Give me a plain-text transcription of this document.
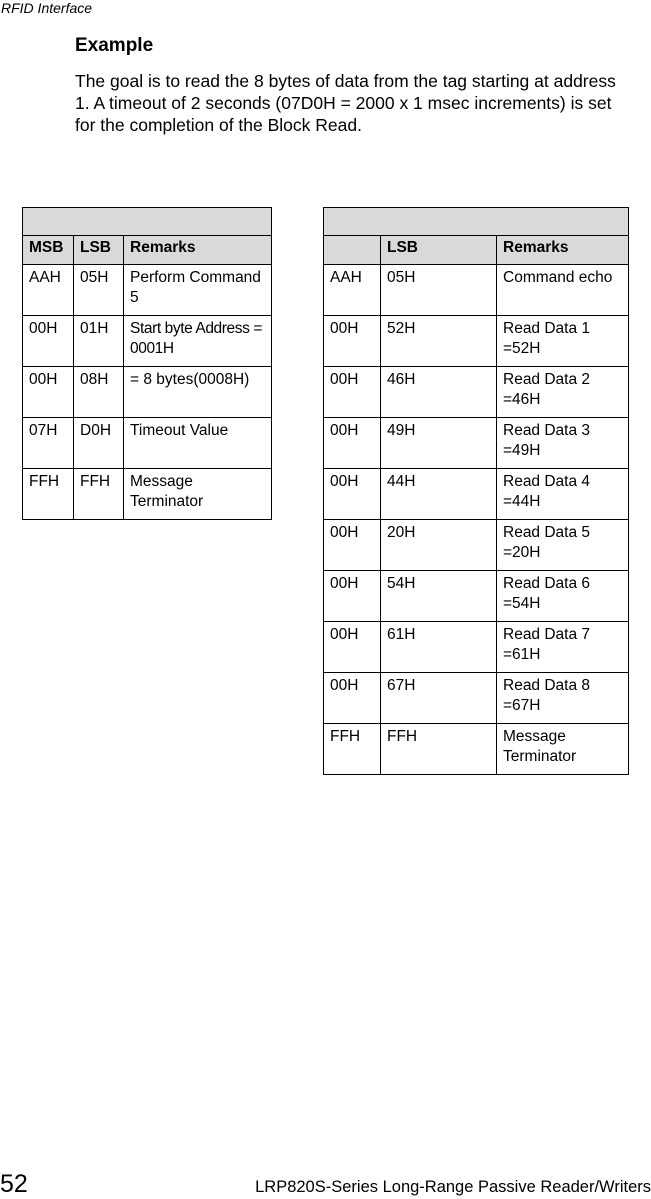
RFID Interface
Example
The goal is to read the 8 bytes of data from the tag starting at address
1. A timeout of 2 seconds (07D0H = 2000 x 1 msec increments) is set
for the completion of the Block Read.

MSB	LSB	Remarks
AAH	05H	Perform Command 5
00H	01H	Start byte Address = 0001H
00H	08H	= 8 bytes(0008H)
07H	D0H	Timeout Value
FFH	FFH	Message Terminator

	LSB	Remarks
AAH	05H	Command echo
00H	52H	Read Data 1 =52H
00H	46H	Read Data 2 =46H
00H	49H	Read Data 3 =49H
00H	44H	Read Data 4 =44H
00H	20H	Read Data 5 =20H
00H	54H	Read Data 6 =54H
00H	61H	Read Data 7 =61H
00H	67H	Read Data 8 =67H
FFH	FFH	Message Terminator
52	LRP820S-Series Long-Range Passive Reader/Writers
